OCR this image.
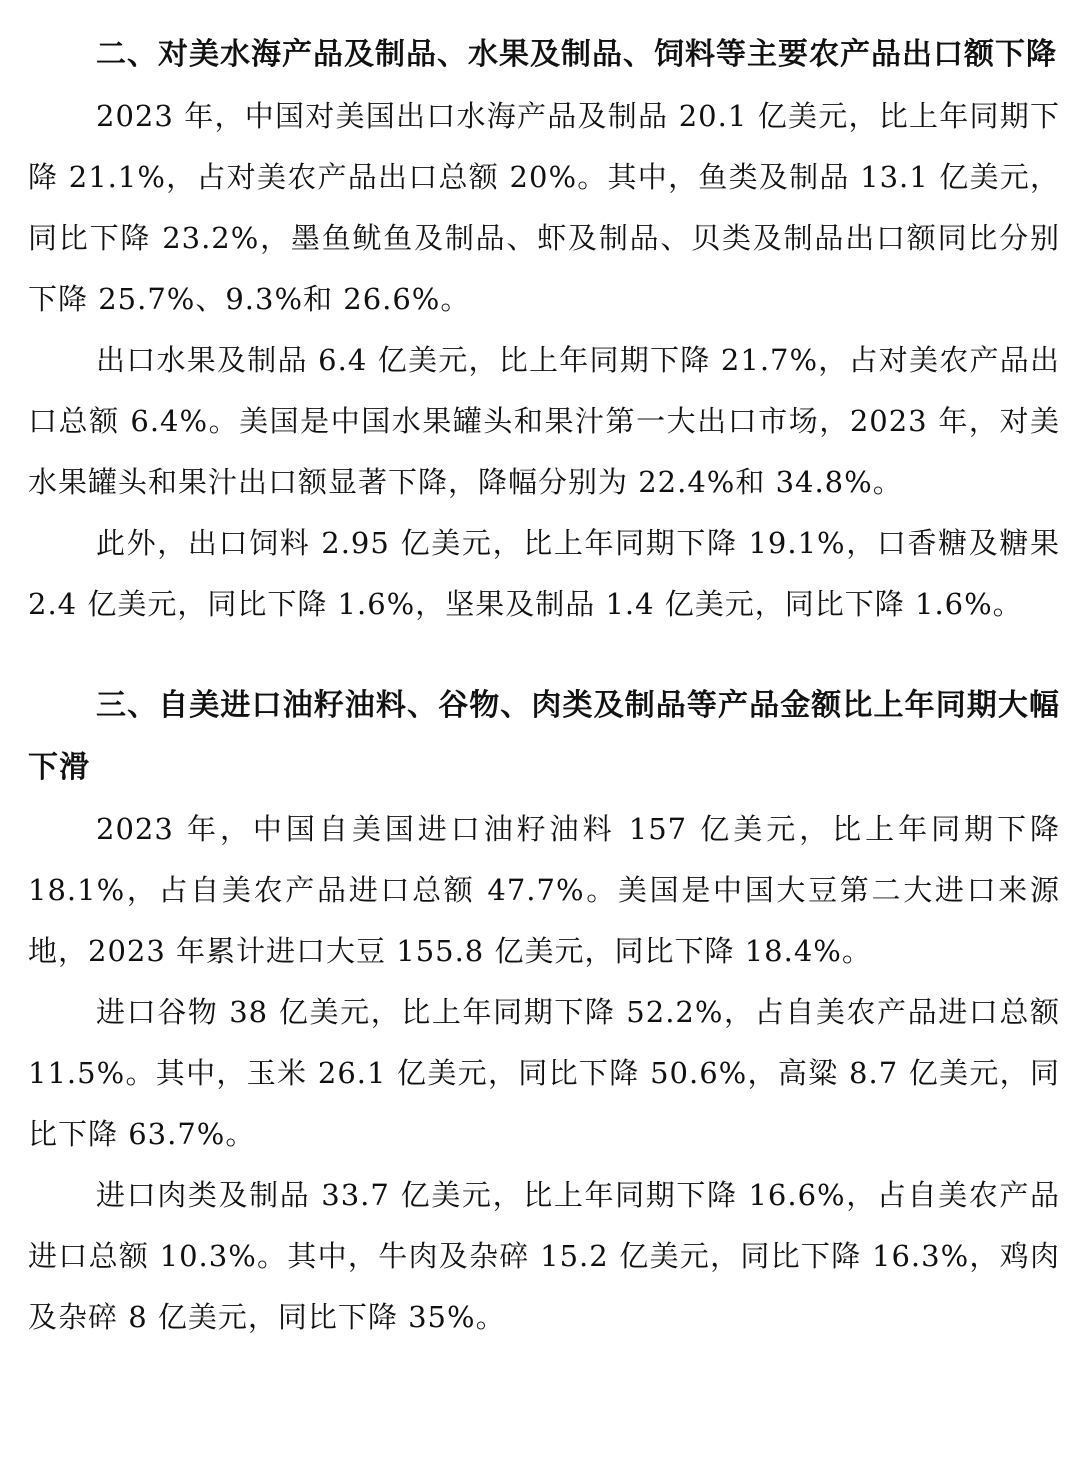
二、对美水海产品及制品、水果及制品、饲料等主要农产品出口额下降

2023 年，中国对美国出口水海产品及制品 20.1 亿美元，比上年同期下降 21.1%，占对美农产品出口总额 20%。其中，鱼类及制品 13.1 亿美元，同比下降 23.2%，墨鱼鱿鱼及制品、虾及制品、贝类及制品出口额同比分别下降 25.7%、9.3%和 26.6%。

出口水果及制品 6.4 亿美元，比上年同期下降 21.7%，占对美农产品出口总额 6.4%。美国是中国水果罐头和果汁第一大出口市场，2023 年，对美水果罐头和果汁出口额显著下降，降幅分别为 22.4%和 34.8%。

此外，出口饲料 2.95 亿美元，比上年同期下降 19.1%，口香糖及糖果 2.4 亿美元，同比下降 1.6%，坚果及制品 1.4 亿美元，同比下降 1.6%。

三、自美进口油籽油料、谷物、肉类及制品等产品金额比上年同期大幅下滑

2023 年，中国自美国进口油籽油料 157 亿美元，比上年同期下降 18.1%，占自美农产品进口总额 47.7%。美国是中国大豆第二大进口来源地，2023 年累计进口大豆 155.8 亿美元，同比下降 18.4%。

进口谷物 38 亿美元，比上年同期下降 52.2%，占自美农产品进口总额 11.5%。其中，玉米 26.1 亿美元，同比下降 50.6%，高粱 8.7 亿美元，同比下降 63.7%。

进口肉类及制品 33.7 亿美元，比上年同期下降 16.6%，占自美农产品进口总额 10.3%。其中，牛肉及杂碎 15.2 亿美元，同比下降 16.3%，鸡肉及杂碎 8 亿美元，同比下降 35%。
